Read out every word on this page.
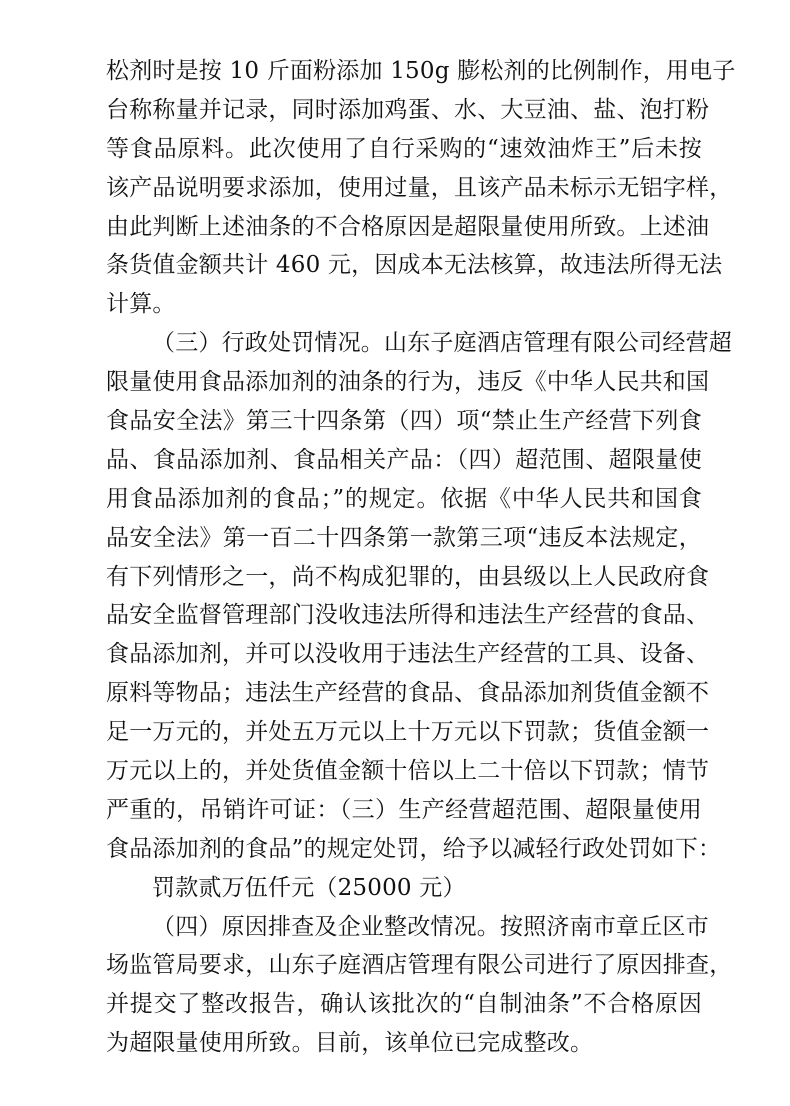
松剂时是按 10 斤面粉添加 150g 膨松剂的比例制作，用电子
台称称量并记录，同时添加鸡蛋、水、大豆油、盐、泡打粉
等食品原料。此次使用了自行采购的“速效油炸王”后未按
该产品说明要求添加，使用过量，且该产品未标示无铝字样，
由此判断上述油条的不合格原因是超限量使用所致。上述油
条货值金额共计 460 元，因成本无法核算，故违法所得无法
计算。
（三）行政处罚情况。山东子庭酒店管理有限公司经营超
限量使用食品添加剂的油条的行为，违反《中华人民共和国
食品安全法》第三十四条第（四）项“禁止生产经营下列食
品、食品添加剂、食品相关产品：（四）超范围、超限量使
用食品添加剂的食品；”的规定。依据《中华人民共和国食
品安全法》第一百二十四条第一款第三项“违反本法规定，
有下列情形之一，尚不构成犯罪的，由县级以上人民政府食
品安全监督管理部门没收违法所得和违法生产经营的食品、
食品添加剂，并可以没收用于违法生产经营的工具、设备、
原料等物品；违法生产经营的食品、食品添加剂货值金额不
足一万元的，并处五万元以上十万元以下罚款；货值金额一
万元以上的，并处货值金额十倍以上二十倍以下罚款；情节
严重的，吊销许可证：（三）生产经营超范围、超限量使用
食品添加剂的食品”的规定处罚，给予以减轻行政处罚如下：
罚款贰万伍仟元（25000 元）
（四）原因排查及企业整改情况。按照济南市章丘区市
场监管局要求，山东子庭酒店管理有限公司进行了原因排查，
并提交了整改报告，确认该批次的“自制油条”不合格原因
为超限量使用所致。目前，该单位已完成整改。
